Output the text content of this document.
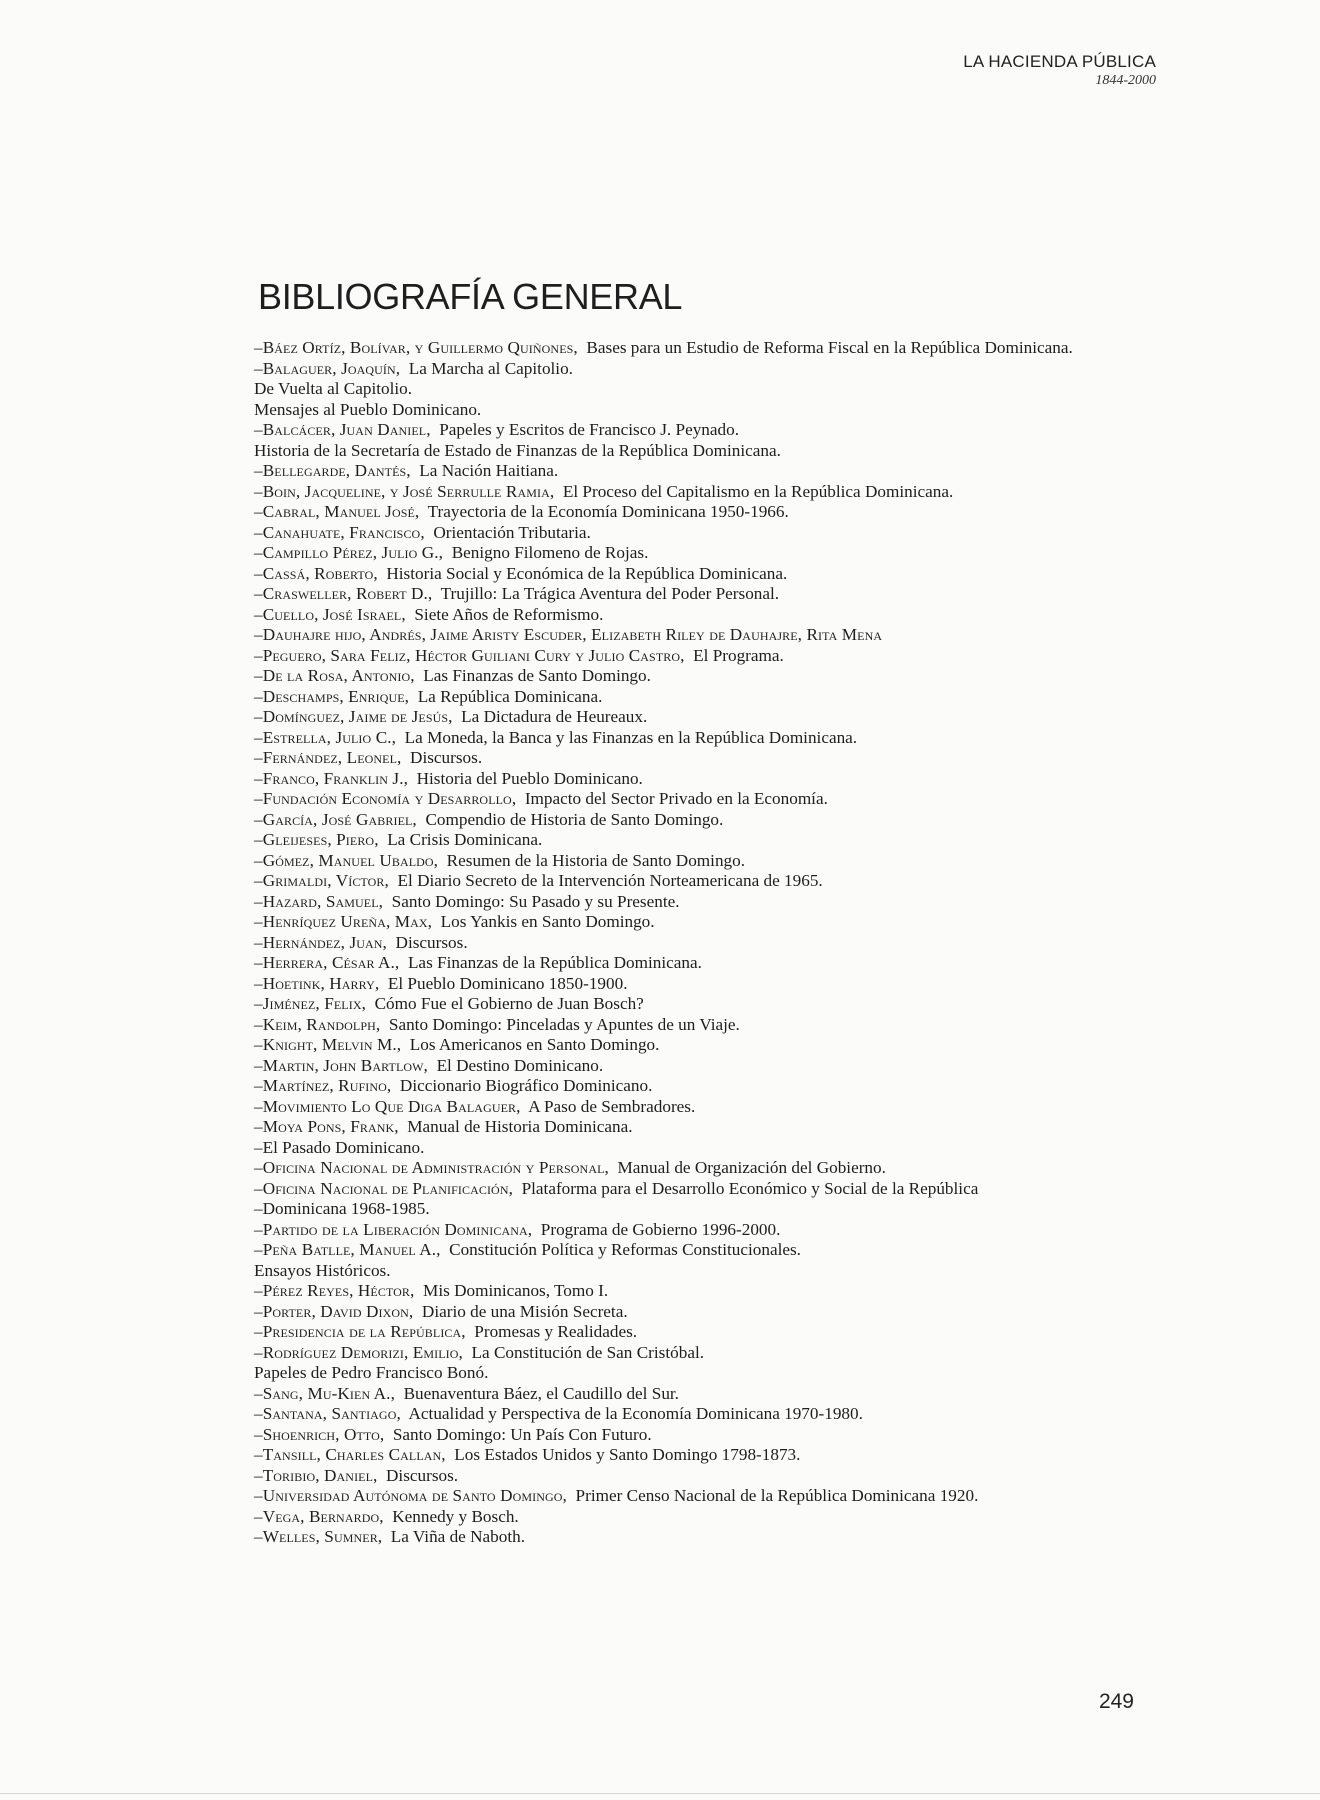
LA HACIENDA PÚBLICA
1844-2000
BIBLIOGRAFÍA GENERAL
–Báez Ortíz, Bolívar, y Guillermo Quiñones, Bases para un Estudio de Reforma Fiscal en la República Dominicana.
–Balaguer, Joaquín, La Marcha al Capitolio.
De Vuelta al Capitolio.
Mensajes al Pueblo Dominicano.
–Balcácer, Juan Daniel, Papeles y Escritos de Francisco J. Peynado.
Historia de la Secretaría de Estado de Finanzas de la República Dominicana.
–Bellegarde, Dantés, La Nación Haitiana.
–Boin, Jacqueline, y José Serrulle Ramia, El Proceso del Capitalismo en la República Dominicana.
–Cabral, Manuel José, Trayectoria de la Economía Dominicana 1950-1966.
–Canahuate, Francisco, Orientación Tributaria.
–Campillo Pérez, Julio G., Benigno Filomeno de Rojas.
–Cassá, Roberto, Historia Social y Económica de la República Dominicana.
–Crasweller, Robert D., Trujillo: La Trágica Aventura del Poder Personal.
–Cuello, José Israel, Siete Años de Reformismo.
–Dauhajre hijo, Andrés, Jaime Aristy Escuder, Elizabeth Riley de Dauhajre, Rita Mena
–Peguero, Sara Feliz, Héctor Guiliani Cury y Julio Castro, El Programa.
–De la Rosa, Antonio, Las Finanzas de Santo Domingo.
–Deschamps, Enrique, La República Dominicana.
–Domínguez, Jaime de Jesús, La Dictadura de Heureaux.
–Estrella, Julio C., La Moneda, la Banca y las Finanzas en la República Dominicana.
–Fernández, Leonel, Discursos.
–Franco, Franklin J., Historia del Pueblo Dominicano.
–Fundación Economía y Desarrollo, Impacto del Sector Privado en la Economía.
–García, José Gabriel, Compendio de Historia de Santo Domingo.
–Gleijeses, Piero, La Crisis Dominicana.
–Gómez, Manuel Ubaldo, Resumen de la Historia de Santo Domingo.
–Grimaldi, Víctor, El Diario Secreto de la Intervención Norteamericana de 1965.
–Hazard, Samuel, Santo Domingo: Su Pasado y su Presente.
–Henríquez Ureña, Max, Los Yankis en Santo Domingo.
–Hernández, Juan, Discursos.
–Herrera, César A., Las Finanzas de la República Dominicana.
–Hoetink, Harry, El Pueblo Dominicano 1850-1900.
–Jiménez, Felix, Cómo Fue el Gobierno de Juan Bosch?
–Keim, Randolph, Santo Domingo: Pinceladas y Apuntes de un Viaje.
–Knight, Melvin M., Los Americanos en Santo Domingo.
–Martin, John Bartlow, El Destino Dominicano.
–Martínez, Rufino, Diccionario Biográfico Dominicano.
–Movimiento Lo Que Diga Balaguer, A Paso de Sembradores.
–Moya Pons, Frank, Manual de Historia Dominicana.
–El Pasado Dominicano.
–Oficina Nacional de Administración y Personal, Manual de Organización del Gobierno.
–Oficina Nacional de Planificación, Plataforma para el Desarrollo Económico y Social de la República
–Dominicana 1968-1985.
–Partido de la Liberación Dominicana, Programa de Gobierno 1996-2000.
–Peña Batlle, Manuel A., Constitución Política y Reformas Constitucionales.
Ensayos Históricos.
–Pérez Reyes, Héctor, Mis Dominicanos, Tomo I.
–Porter, David Dixon, Diario de una Misión Secreta.
–Presidencia de la República, Promesas y Realidades.
–Rodríguez Demorizi, Emilio, La Constitución de San Cristóbal.
Papeles de Pedro Francisco Bonó.
–Sang, Mu-Kien A., Buenaventura Báez, el Caudillo del Sur.
–Santana, Santiago, Actualidad y Perspectiva de la Economía Dominicana 1970-1980.
–Shoenrich, Otto, Santo Domingo: Un País Con Futuro.
–Tansill, Charles Callan, Los Estados Unidos y Santo Domingo 1798-1873.
–Toribio, Daniel, Discursos.
–Universidad Autónoma de Santo Domingo, Primer Censo Nacional de la República Dominicana 1920.
–Vega, Bernardo, Kennedy y Bosch.
–Welles, Sumner, La Viña de Naboth.
249
